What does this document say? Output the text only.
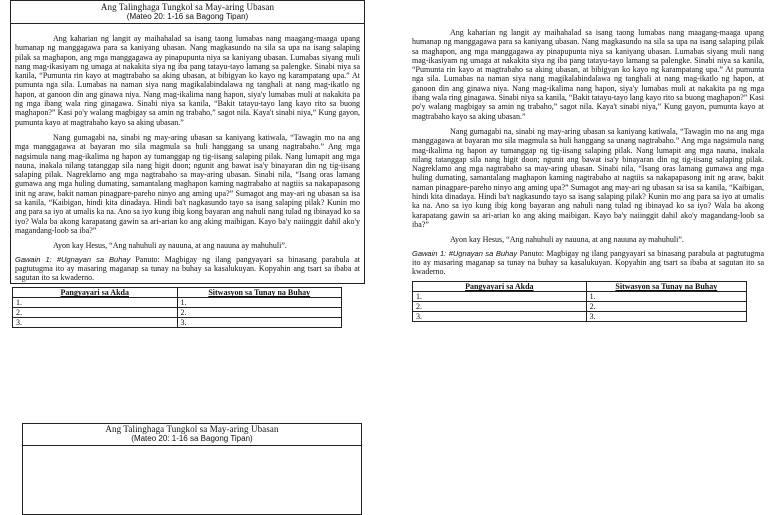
Ang Talinghaga Tungkol sa May-aring Ubasan
(Mateo 20: 1-16 sa Bagong Tipan)

Ang kaharian ng langit ay maihahalad sa isang taong lumabas nang maagang-maaga upang humanap ng manggagawa para sa kaniyang ubasan. Nang magkasundo na sila sa upa na isang salaping pilak sa maghapon, ang mga manggagawa ay pinapupunta niya sa kaniyang ubasan. Lumabas siyang muli nang mag-ikasiyam ng umaga at nakakita siya ng iba pang tatayu-tayo lamang sa palengke. Sinabi niya sa kanila, “Pumunta rin kayo at magtrabaho sa aking ubasan, at bibigyan ko kayo ng karampatang upa.” At pumunta nga sila. Lumabas na naman siya nang magikalabindalawa ng tanghali at nang mag-ikatlo ng hapon, at ganoon din ang ginawa niya. Nang mag-ikalima nang hapon, siya'y lumabas muli at nakakita pa ng mga ibang wala ring ginagawa. Sinabi niya sa kanila, “Bakit tatayu-tayo lang kayo rito sa buong maghapon?” Kasi po'y walang magbigay sa amin ng trabaho,” sagot nila. Kaya't sinabi niya,” Kung gayon, pumunta kayo at magtrabaho kayo sa aking ubasan.”

Nang gumagabi na, sinabi ng may-aring ubasan sa kaniyang katiwala, “Tawagin mo na ang mga manggagawa at bayaran mo sila magmula sa huli hanggang sa unang nagtrabaho.” Ang mga nagsimula nang mag-ikalima ng hapon ay tumanggap ng tig-iisang salaping pilak. Nang lumapit ang mga nauna, inakala nilang tatanggap sila nang higit doon; ngunit ang bawat isa'y binayaran din ng tig-iisang salaping pilak. Nagreklamo ang mga nagtrabaho sa may-aring ubasan. Sinabi nila, “Isang oras lamang gumawa ang mga huling dumating, samantalang maghapon kaming nagtrabaho at nagtiis sa nakapapasong init ng araw, bakit naman pinagpare-pareho ninyo ang aming upa?” Sumagot ang may-ari ng ubasan sa isa sa kanila, “Kaibigan, hindi kita dinadaya. Hindi ba't nagkasundo tayo sa isang salaping pilak? Kunin mo ang para sa iyo at umalis ka na. Ano sa iyo kung ibig kong bayaran ang nahuli nang tulad ng ibinayad ko sa iyo? Wala ba akong karapatang gawin sa ari-arian ko ang aking maibigan. Kayo ba'y naiinggit dahil ako'y magandang-loob sa iba?”

Ayon kay Hesus, “Ang nahuhuli ay nauuna, at ang nauuna ay mahuhuli”.

Gawain 1: #Ugnayan sa Buhay Panuto: Magbigay ng ilang pangyayari sa binasang parabula at pagtutugma ito ay masaring maganap sa tunay na buhay sa kasalukuyan. Kopyahin ang tsart sa ibaba at sagutan ito sa kwaderno.

Pangyayari sa Akda	Sitwasyon sa Tunay na Buhay
1.	1.
2.	2.
3.	3.
Ang Talinghaga Tungkol sa May-aring Ubasan
(Mateo 20: 1-16 sa Bagong Tipan)

Ang kaharian ng langit ay maihahalad sa isang taong lumabas nang maagang-maaga upang humanap ng manggagawa para sa kaniyang ubasan. Nang magkasundo na sila sa upa na isang salaping pilak sa maghapon, ang mga manggagawa ay pinapupunta niya sa kaniyang ubasan. Lumabas siyang muli nang mag-ikasiyam ng umaga at nakakita siya ng iba pang tatayu-tayo lamang sa palengke. Sinabi niya sa kanila, “Pumunta rin kayo at magtrabaho sa aking ubasan, at bibigyan ko kayo ng karampatang upa.” At pumunta nga sila. Lumabas na naman siya nang magikalabindalawa ng tanghali at nang mag-ikatlo ng hapon, at ganoon din ang ginawa niya. Nang mag-ikalima nang hapon, siya'y lumabas muli at nakakita pa ng mga ibang wala ring ginagawa. Sinabi niya sa kanila, “Bakit tatayu-tayo lang kayo rito sa buong maghapon?” Kasi po'y walang magbigay sa amin ng trabaho,” sagot nila. Kaya't sinabi niya,” Kung gayon, pumunta kayo at magtrabaho kayo sa aking ubasan.”

Nang gumagabi na, sinabi ng may-aring ubasan sa kaniyang katiwala, “Tawagin mo na ang mga manggagawa at bayaran mo sila magmula sa huli hanggang sa unang nagtrabaho.” Ang mga nagsimula nang mag-ikalima ng hapon ay tumanggap ng tig-iisang salaping pilak. Nang lumapit ang mga nauna, inakala nilang tatanggap sila nang higit doon; ngunit ang bawat isa'y binayaran din ng tig-iisang salaping pilak. Nagreklamo ang mga nagtrabaho sa may-aring ubasan. Sinabi nila, “Isang oras lamang gumawa ang mga huling dumating, samantalang maghapon kaming nagtrabaho at nagtiis sa nakapapasong init ng araw, bakit naman pinagpare-pareho ninyo ang aming upa?” Sumagot ang may-ari ng ubasan sa isa sa kanila, “Kaibigan, hindi kita dinadaya. Hindi ba't nagkasundo tayo sa isang salaping pilak? Kunin mo ang para sa iyo at umalis ka na. Ano sa iyo kung ibig kong bayaran ang nahuli nang tulad ng ibinayad ko sa iyo? Wala ba akong karapatang gawin sa ari-arian ko ang aking maibigan. Kayo ba'y naiinggit dahil ako'y magandang-loob sa iba?”

Ayon kay Hesus, “Ang nahuhuli ay nauuna, at ang nauuna ay mahuhuli”.

Gawain 1: #Ugnayan sa Buhay Panuto: Magbigay ng ilang pangyayari sa binasang parabula at pagtutugma ito ay masaring maganap sa tunay na buhay sa kasalukuyan. Kopyahin ang tsart sa ibaba at sagutan ito sa kwaderno.

Pangyayari sa Akda	Sitwasyon sa Tunay na Buhay
1.	1.
2.	2.
3.	3.
